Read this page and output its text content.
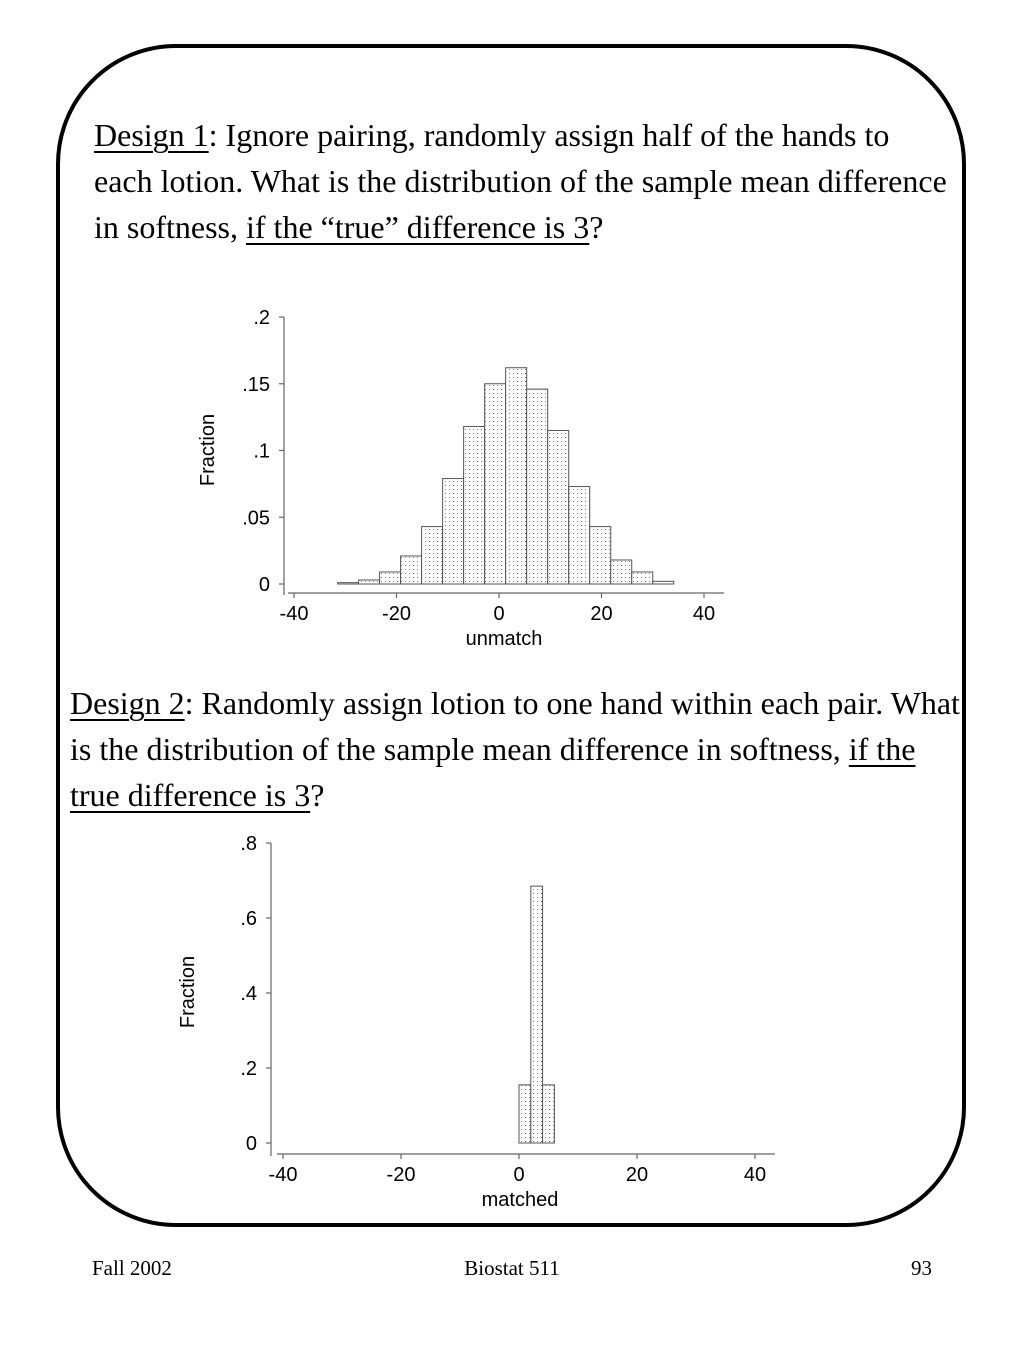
Design 1: Ignore pairing, randomly assign half of the hands to each lotion. What is the distribution of the sample mean difference in softness, if the “true” difference is 3?

0
.05
.1
.15
.2
-40	-20	0	20	40
unmatch
Fraction

Design 2: Randomly assign lotion to one hand within each pair. What is the distribution of the sample mean difference in softness, if the true difference is 3?

0
.2
.4
.6
.8
-40	-20	0	20	40
matched
Fraction
Fall 2002	Biostat 511	93
